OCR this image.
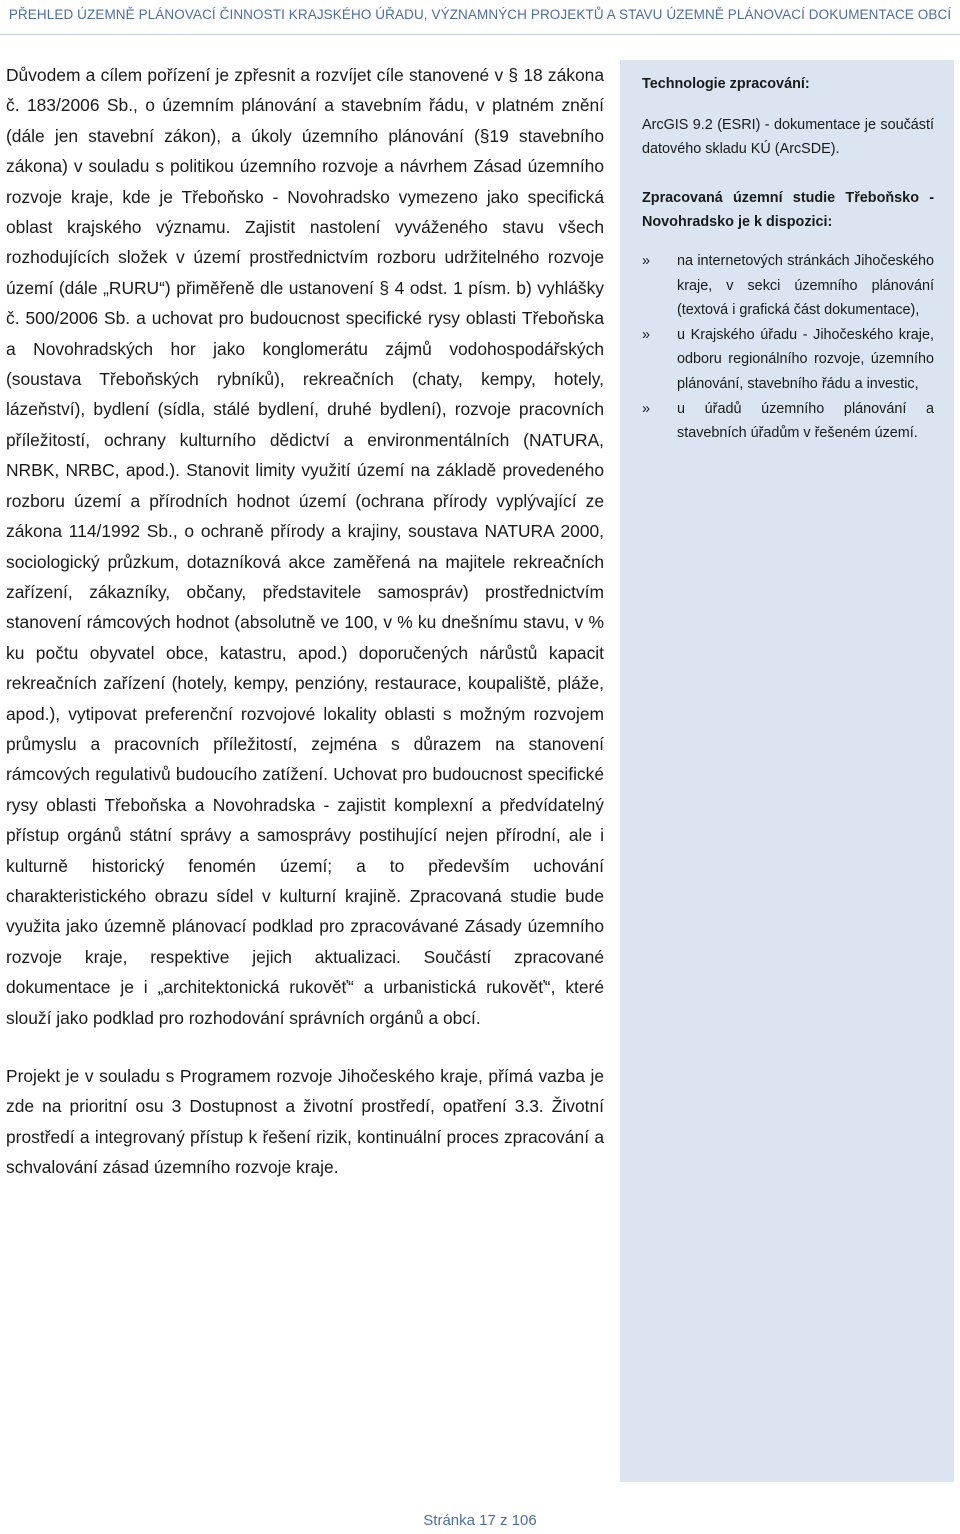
PŘEHLED ÚZEMNĚ PLÁNOVACÍ ČINNOSTI KRAJSKÉHO ÚŘADU, VÝZNAMNÝCH PROJEKTŮ A STAVU ÚZEMNĚ PLÁNOVACÍ DOKUMENTACE OBCÍ

Důvodem a cílem pořízení je zpřesnit a rozvíjet cíle stanovené v § 18 zákona č. 183/2006 Sb., o územním plánování a stavebním řádu, v platném znění (dále jen stavební zákon), a úkoly územního plánování (§19 stavebního zákona) v souladu s politikou územního rozvoje a návrhem Zásad územního rozvoje kraje, kde je Třeboňsko - Novohradsko vymezeno jako specifická oblast krajského významu. Zajistit nastolení vyváženého stavu všech rozhodujících složek v území prostřednictvím rozboru udržitelného rozvoje území (dále „RURU“) přiměřeně dle ustanovení § 4 odst. 1 písm. b) vyhlášky č. 500/2006 Sb. a uchovat pro budoucnost specifické rysy oblasti Třeboňska a Novohradských hor jako konglomerátu zájmů vodohospodářských (soustava Třeboňských rybníků), rekreačních (chaty, kempy, hotely, lázeňství), bydlení (sídla, stálé bydlení, druhé bydlení), rozvoje pracovních příležitostí, ochrany kulturního dědictví a environmentálních (NATURA, NRBK, NRBC, apod.). Stanovit limity využití území na základě provedeného rozboru území a přírodních hodnot území (ochrana přírody vyplývající ze zákona 114/1992 Sb., o ochraně přírody a krajiny, soustava NATURA 2000, sociologický průzkum, dotazníková akce zaměřená na majitele rekreačních zařízení, zákazníky, občany, představitele samospráv) prostřednictvím stanovení rámcových hodnot (absolutně ve 100, v % ku dnešnímu stavu, v % ku počtu obyvatel obce, katastru, apod.) doporučených nárůstů kapacit rekreačních zařízení (hotely, kempy, penzióny, restaurace, koupaliště, pláže, apod.), vytipovat preferenční rozvojové lokality oblasti s možným rozvojem průmyslu a pracovních příležitostí, zejména s důrazem na stanovení rámcových regulativů budoucího zatížení. Uchovat pro budoucnost specifické rysy oblasti Třeboňska a Novohradska - zajistit komplexní a předvídatelný přístup orgánů státní správy a samosprávy postihující nejen přírodní, ale i kulturně historický fenomén území; a to především uchování charakteristického obrazu sídel v kulturní krajině. Zpracovaná studie bude využita jako územně plánovací podklad pro zpracovávané Zásady územního rozvoje kraje, respektive jejich aktualizaci. Součástí zpracované dokumentace je i „architektonická rukověť“ a urbanistická rukověť“, které slouží jako podklad pro rozhodování správních orgánů a obcí.

Projekt je v souladu s Programem rozvoje Jihočeského kraje, přímá vazba je zde na prioritní osu 3 Dostupnost a životní prostředí, opatření 3.3. Životní prostředí a integrovaný přístup k řešení rizik, kontinuální proces zpracování a schvalování zásad územního rozvoje kraje.

Technologie zpracování:

ArcGIS 9.2 (ESRI) - dokumentace je součástí datového skladu KÚ (ArcSDE).

Zpracovaná územní studie Třeboňsko - Novohradsko je k dispozici:

» na internetových stránkách Jihočeského kraje, v sekci územního plánování (textová i grafická část dokumentace),
» u Krajského úřadu - Jihočeského kraje, odboru regionálního rozvoje, územního plánování, stavebního řádu a investic,
» u úřadů územního plánování a stavebních úřadům v řešeném území.
Stránka 17 z 106
